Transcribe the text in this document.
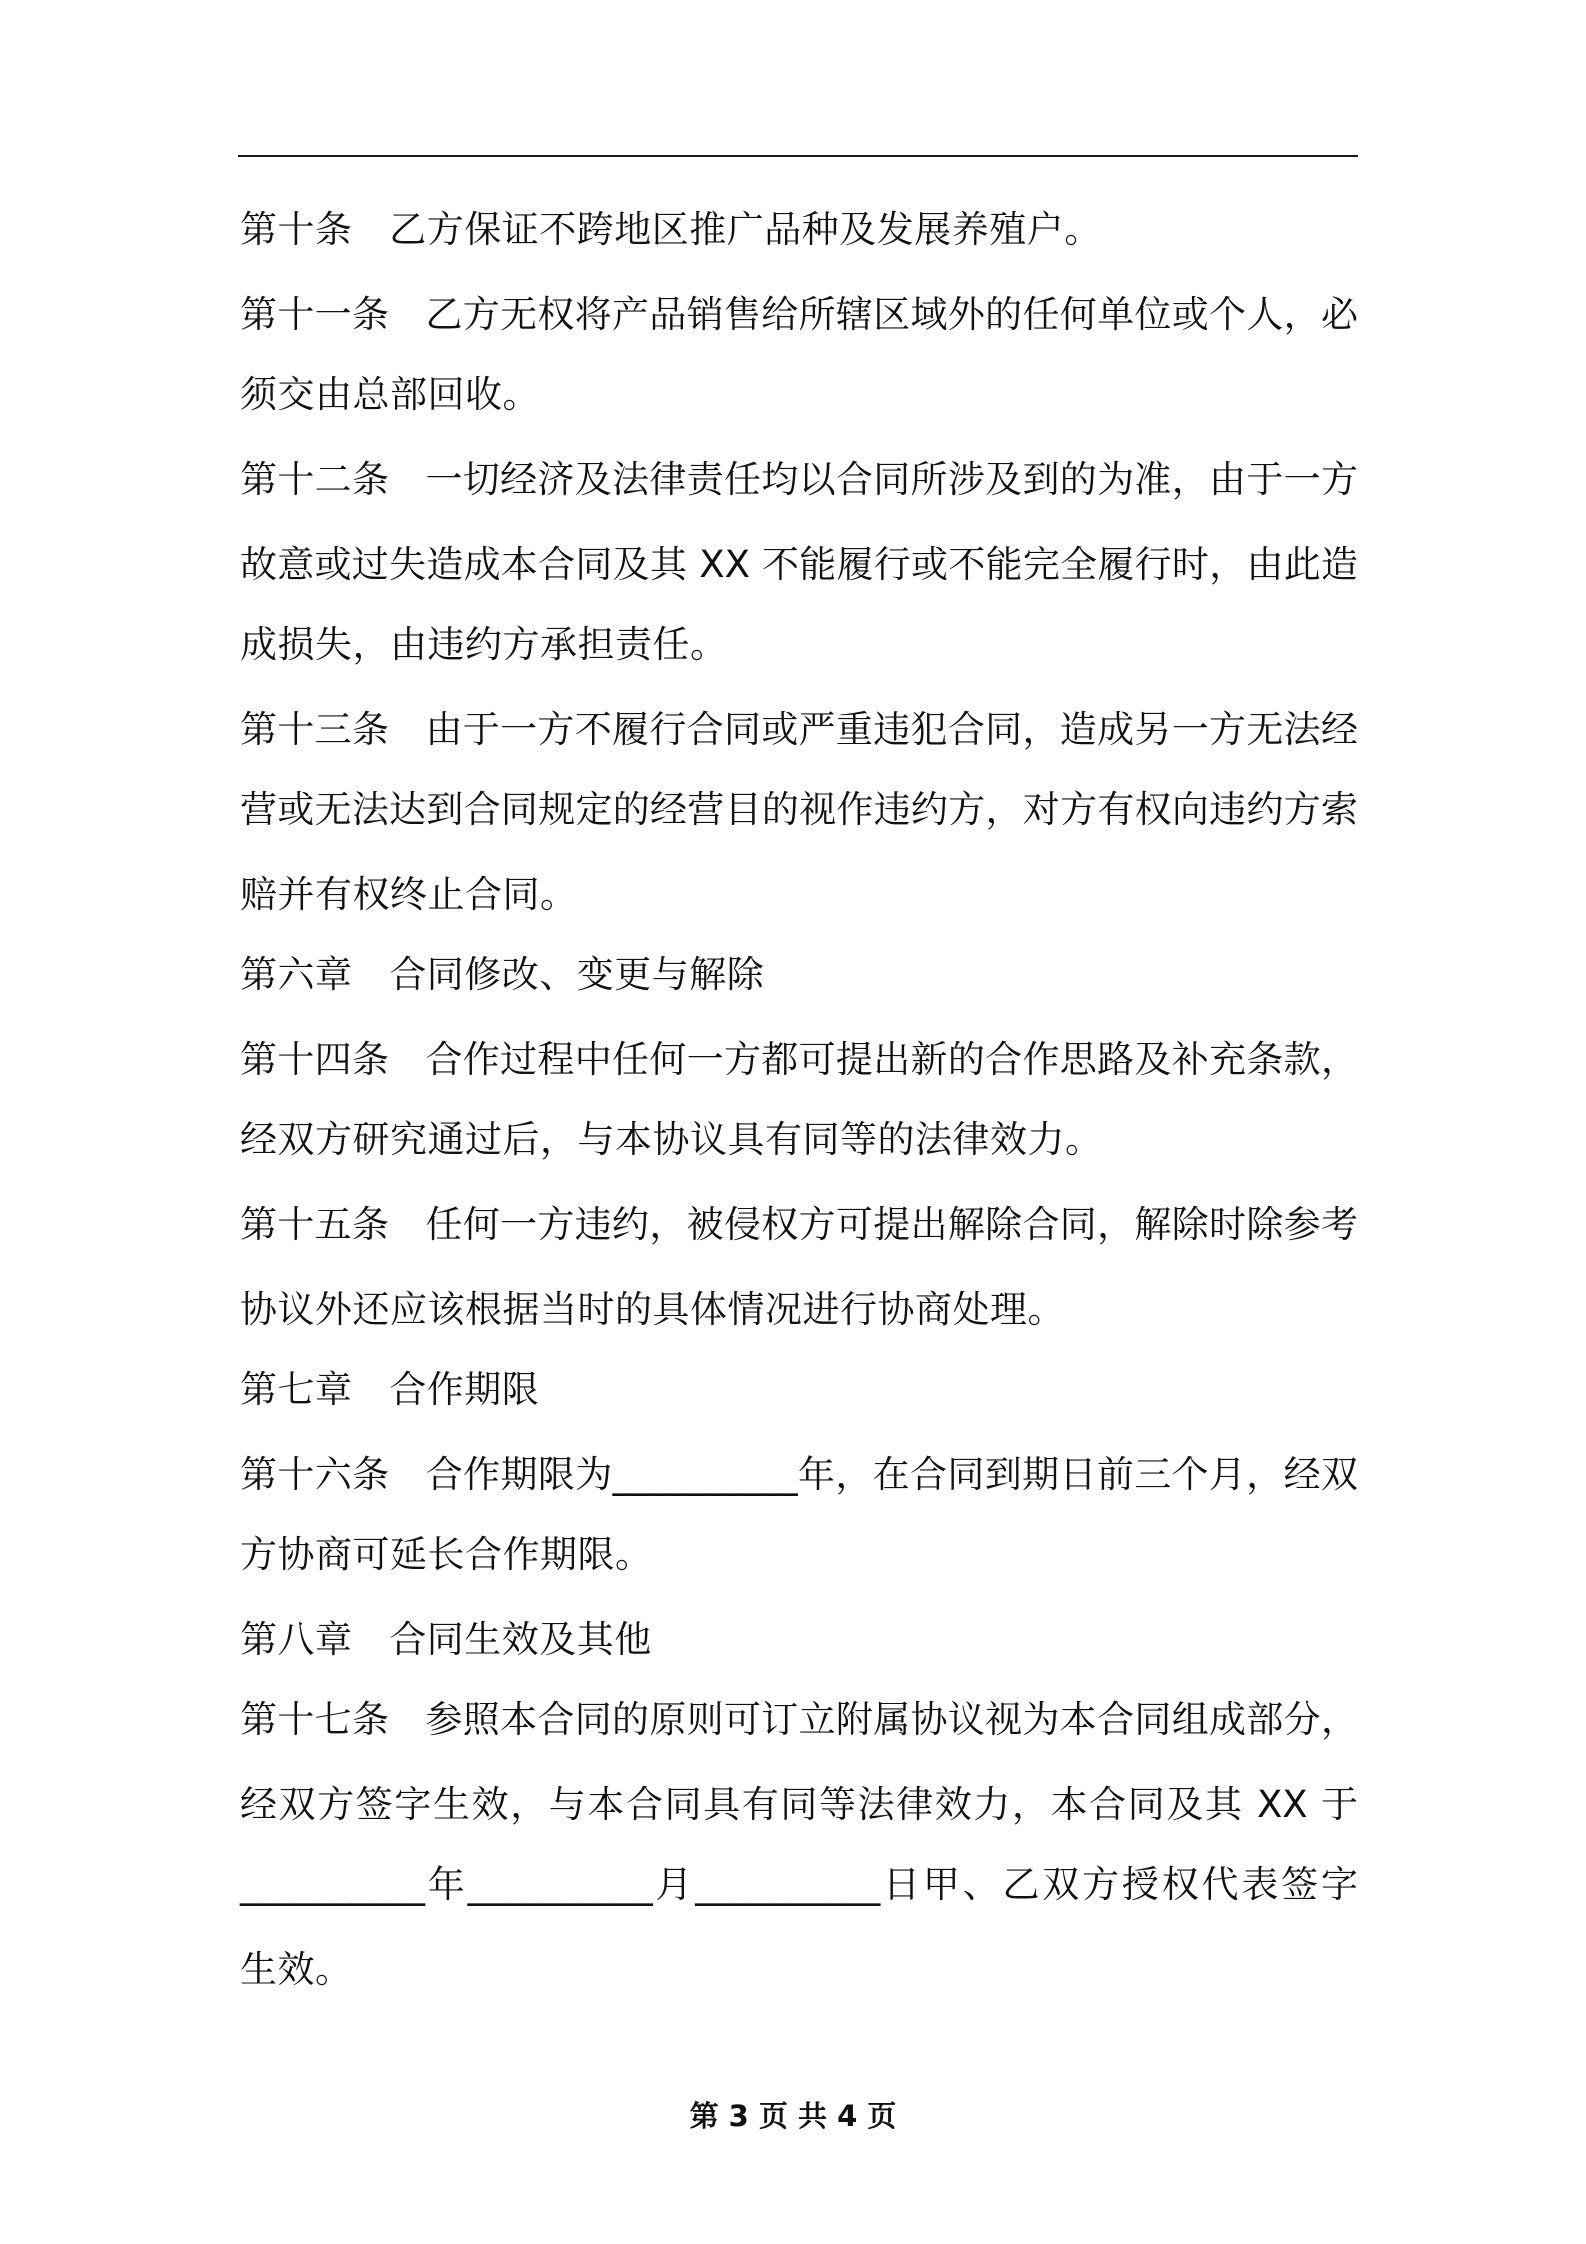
第十条   乙方保证不跨地区推广品种及发展养殖户。
第十一条   乙方无权将产品销售给所辖区域外的任何单位或个人，必
须交由总部回收。
第十二条   一切经济及法律责任均以合同所涉及到的为准，由于一方
故意或过失造成本合同及其 XX 不能履行或不能完全履行时，由此造
成损失，由违约方承担责任。
第十三条   由于一方不履行合同或严重违犯合同，造成另一方无法经
营或无法达到合同规定的经营目的视作违约方，对方有权向违约方索
赔并有权终止合同。
第六章   合同修改、变更与解除
第十四条   合作过程中任何一方都可提出新的合作思路及补充条款，
经双方研究通过后，与本协议具有同等的法律效力。
第十五条   任何一方违约，被侵权方可提出解除合同，解除时除参考
协议外还应该根据当时的具体情况进行协商处理。
第七章   合作期限
第十六条   合作期限为__________年，在合同到期日前三个月，经双
方协商可延长合作期限。
第八章   合同生效及其他
第十七条   参照本合同的原则可订立附属协议视为本合同组成部分，
经双方签字生效，与本合同具有同等法律效力，本合同及其 XX 于
__________年__________月__________日甲、乙双方授权代表签字
生效。
第 3 页 共 4 页
